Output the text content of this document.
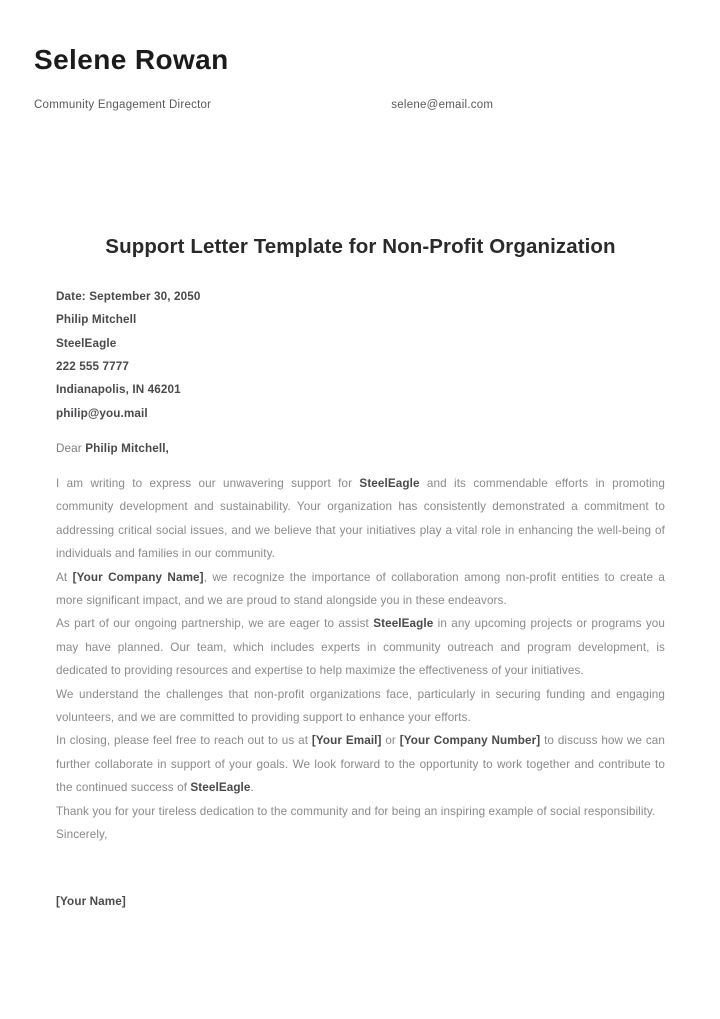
Selene Rowan
Community Engagement Director	selene@email.com
Support Letter Template for Non-Profit Organization
Date: September 30, 2050
Philip Mitchell
SteelEagle
222 555 7777
Indianapolis, IN 46201
philip@you.mail

Dear Philip Mitchell,

I am writing to express our unwavering support for SteelEagle and its commendable efforts in promoting community development and sustainability. Your organization has consistently demonstrated a commitment to addressing critical social issues, and we believe that your initiatives play a vital role in enhancing the well-being of individuals and families in our community.

At [Your Company Name], we recognize the importance of collaboration among non-profit entities to create a more significant impact, and we are proud to stand alongside you in these endeavors.

As part of our ongoing partnership, we are eager to assist SteelEagle in any upcoming projects or programs you may have planned. Our team, which includes experts in community outreach and program development, is dedicated to providing resources and expertise to help maximize the effectiveness of your initiatives.

We understand the challenges that non-profit organizations face, particularly in securing funding and engaging volunteers, and we are committed to providing support to enhance your efforts.

In closing, please feel free to reach out to us at [Your Email] or [Your Company Number] to discuss how we can further collaborate in support of your goals. We look forward to the opportunity to work together and contribute to the continued success of SteelEagle.

Thank you for your tireless dedication to the community and for being an inspiring example of social responsibility.

Sincerely,

[Your Name]
